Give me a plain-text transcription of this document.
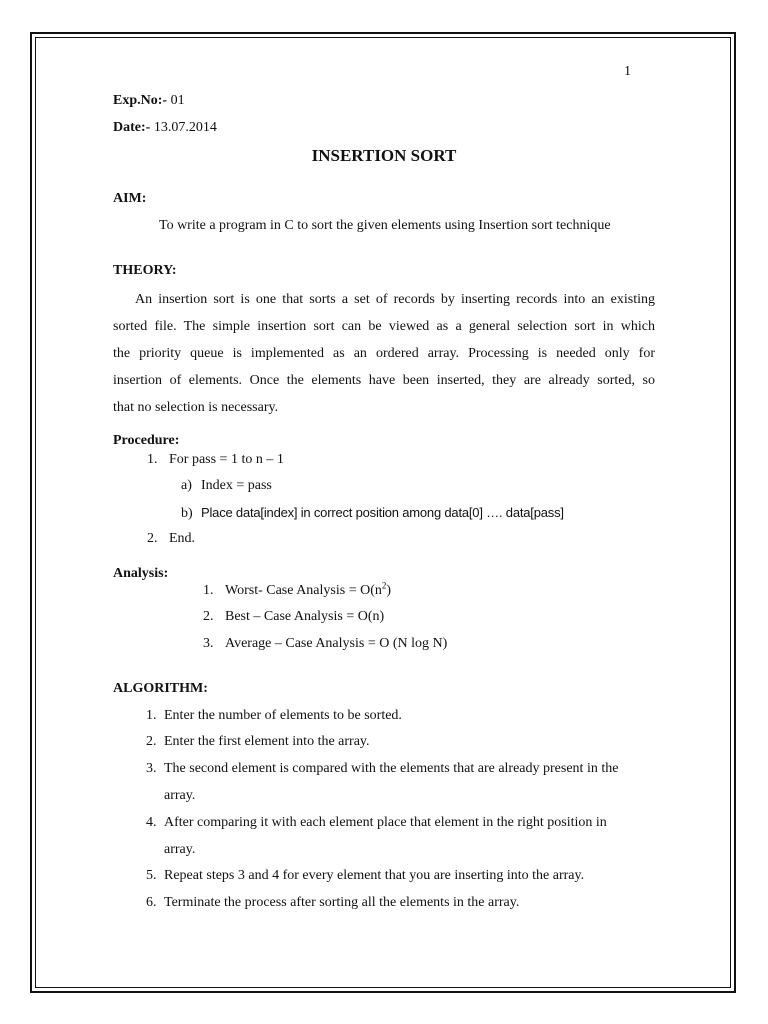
1
Exp.No:- 01
Date:- 13.07.2014
INSERTION SORT
AIM:
To write a program in C to sort the given elements using Insertion sort technique
THEORY:
An insertion sort is one that sorts a set of records by inserting records into an existing
sorted file. The simple insertion sort can be viewed as a general selection sort in which
the priority queue is implemented as an ordered array. Processing is needed only for
insertion of elements. Once the elements have been inserted, they are already sorted, so
that no selection is necessary.
Procedure:
1. For pass = 1 to n – 1
a) Index = pass
b) Place data[index] in correct position among data[0] …. data[pass]
2. End.
Analysis:
1. Worst- Case Analysis = $O(n^2)$
2. Best – Case Analysis = O(n)
3. Average – Case Analysis = O (N log N)
ALGORITHM:
1. Enter the number of elements to be sorted.
2. Enter the first element into the array.
3. The second element is compared with the elements that are already present in the
array.
4. After comparing it with each element place that element in the right position in
array.
5. Repeat steps 3 and 4 for every element that you are inserting into the array.
6. Terminate the process after sorting all the elements in the array.
